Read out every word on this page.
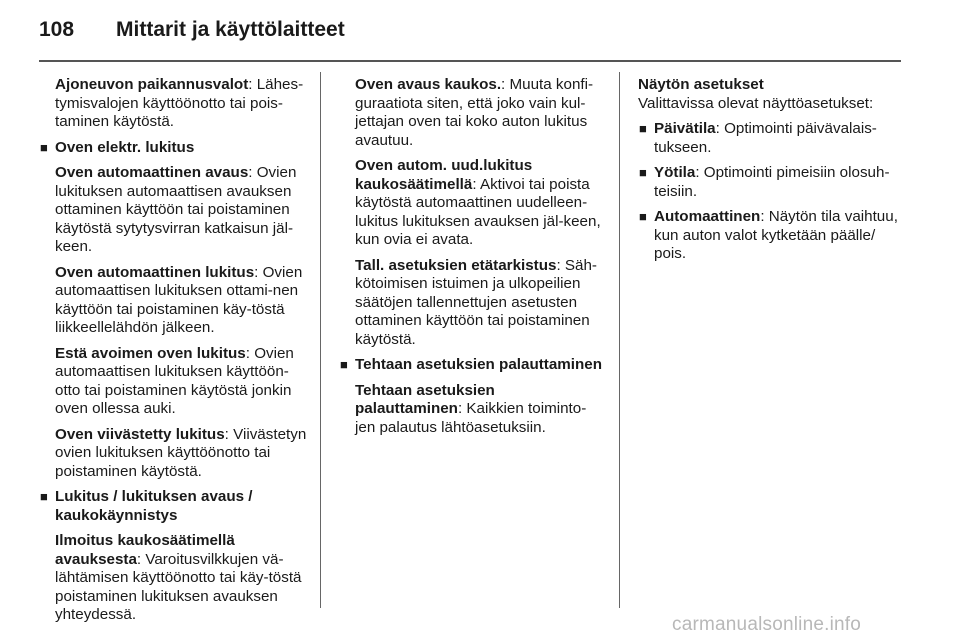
108 Mittarit ja käyttölaitteet

Ajoneuvon paikannusvalot: Lähes-tymisvalojen käyttöönotto tai pois-taminen käytöstä.

■ Oven elektr. lukitus

Oven automaattinen avaus: Ovien lukituksen automaattisen avauksen ottaminen käyttöön tai poistaminen käytöstä sytytysvirran katkaisun jäl-keen.

Oven automaattinen lukitus: Ovien automaattisen lukituksen ottami-nen käyttöön tai poistaminen käy-töstä liikkeellelähdön jälkeen.

Estä avoimen oven lukitus: Ovien automaattisen lukituksen käyttöön-otto tai poistaminen käytöstä jonkin oven ollessa auki.

Oven viivästetty lukitus: Viivästetyn ovien lukituksen käyttöönotto tai poistaminen käytöstä.

■ Lukitus / lukituksen avaus / kaukokäynnistys

Ilmoitus kaukosäätimellä avauksesta: Varoitusvilkkujen vä-lähtämisen käyttöönotto tai käy-töstä poistaminen lukituksen avauksen yhteydessä.

Oven avaus kaukos.: Muuta konfi-guraatiota siten, että joko vain kul-jettajan oven tai koko auton lukitus avautuu.

Oven autom. uud.lukitus kaukosäätimellä: Aktivoi tai poista käytöstä automaattinen uudelleen-lukitus lukituksen avauksen jäl-keen, kun ovia ei avata.

Tall. asetuksien etätarkistus: Säh-kötoimisen istuimen ja ulkopeilien säätöjen tallennettujen asetusten ottaminen käyttöön tai poistaminen käytöstä.

■ Tehtaan asetuksien palauttaminen

Tehtaan asetuksien palauttaminen: Kaikkien toiminto-jen palautus lähtöasetuksiin.

Näytön asetukset

Valittavissa olevat näyttöasetukset:

■ Päivätila: Optimointi päivävalais-tukseen.
■ Yötila: Optimointi pimeisiin olosuh-teisiin.
■ Automaattinen: Näytön tila vaihtuu, kun auton valot kytketään päälle/ pois.
carmanualsonline.info
